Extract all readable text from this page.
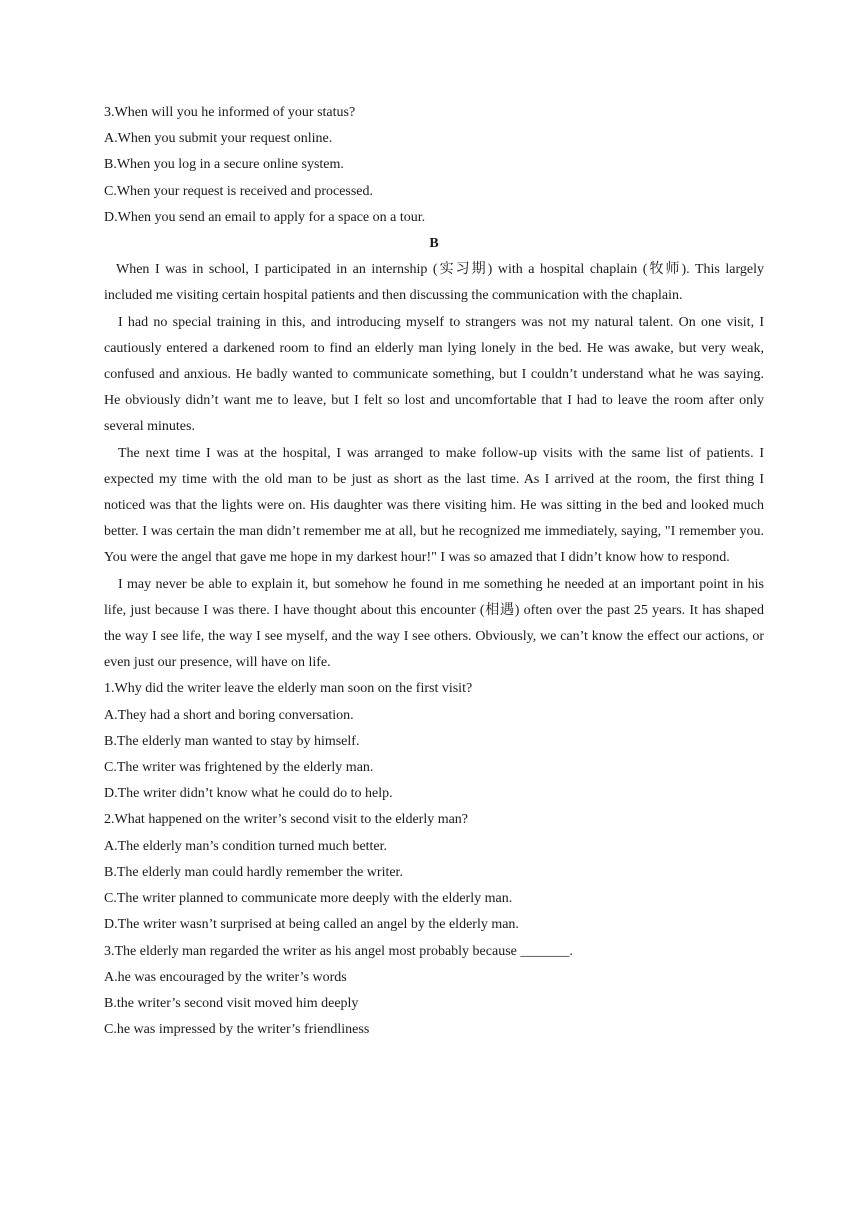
3.When will you he informed of your status?

A.When you submit your request online.

B.When you log in a secure online system.

C.When your request is received and processed.

D.When you send an email to apply for a space on a tour.

B

When I was in school, I participated in an internship (实习期) with a hospital chaplain (牧师). This largely included me visiting certain hospital patients and then discussing the communication with the chaplain.

I had no special training in this, and introducing myself to strangers was not my natural talent. On one visit, I cautiously entered a darkened room to find an elderly man lying lonely in the bed. He was awake, but very weak, confused and anxious. He badly wanted to communicate something, but I couldn’t understand what he was saying. He obviously didn’t want me to leave, but I felt so lost and uncomfortable that I had to leave the room after only several minutes.

The next time I was at the hospital, I was arranged to make follow-up visits with the same list of patients. I expected my time with the old man to be just as short as the last time. As I arrived at the room, the first thing I noticed was that the lights were on. His daughter was there visiting him. He was sitting in the bed and looked much better. I was certain the man didn’t remember me at all, but he recognized me immediately, saying, "I remember you. You were the angel that gave me hope in my darkest hour!" I was so amazed that I didn’t know how to respond.

I may never be able to explain it, but somehow he found in me something he needed at an important point in his life, just because I was there. I have thought about this encounter (相遇) often over the past 25 years. It has shaped the way I see life, the way I see myself, and the way I see others. Obviously, we can’t know the effect our actions, or even just our presence, will have on life.

1.Why did the writer leave the elderly man soon on the first visit?

A.They had a short and boring conversation.

B.The elderly man wanted to stay by himself.

C.The writer was frightened by the elderly man.

D.The writer didn’t know what he could do to help.

2.What happened on the writer’s second visit to the elderly man?

A.The elderly man’s condition turned much better.

B.The elderly man could hardly remember the writer.

C.The writer planned to communicate more deeply with the elderly man.

D.The writer wasn’t surprised at being called an angel by the elderly man.

3.The elderly man regarded the writer as his angel most probably because _______.

A.he was encouraged by the writer’s words

B.the writer’s second visit moved him deeply

C.he was impressed by the writer’s friendliness
